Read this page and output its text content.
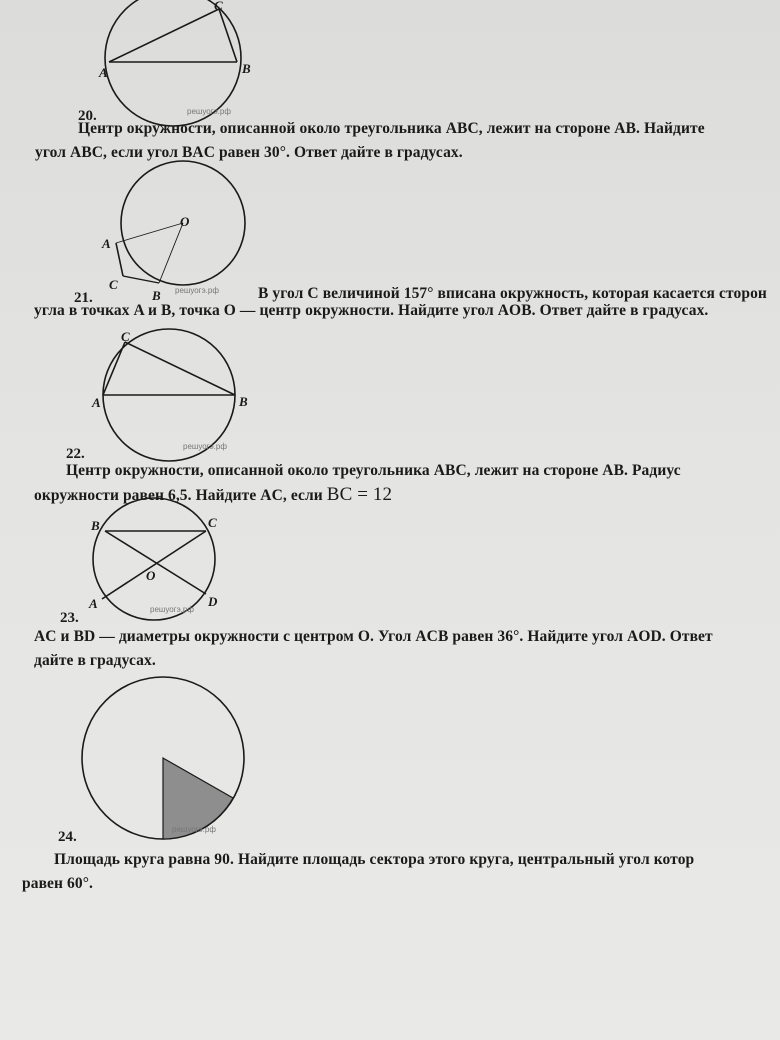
A	B
C
решуогэ.рф
20.
Центр окружности, описанной около треугольника ABC, лежит на стороне AB. Найдите
угол ABC, если угол BAC равен 30°. Ответ дайте в градусах.
A
B
C
O
решуогэ.рф
21.	В угол C величиной 157° вписана окружность, которая касается сторон
угла в точках A и B, точка O — центр окружности. Найдите угол AOB. Ответ дайте в градусах.
A	B
C
решуогэ.рф
22.
Центр окружности, описанной около треугольника ABC, лежит на стороне AB. Радиус
окружности равен 6,5. Найдите AC, если BC = 12
B	C
A	D
O
решуогэ.рф
23.
AC и BD — диаметры окружности с центром O. Угол ACB равен 36°. Найдите угол AOD. Ответ
дайте в градусах.
решуогэ.рф
24.
Площадь круга равна 90. Найдите площадь сектора этого круга, центральный угол котор
равен 60°.
